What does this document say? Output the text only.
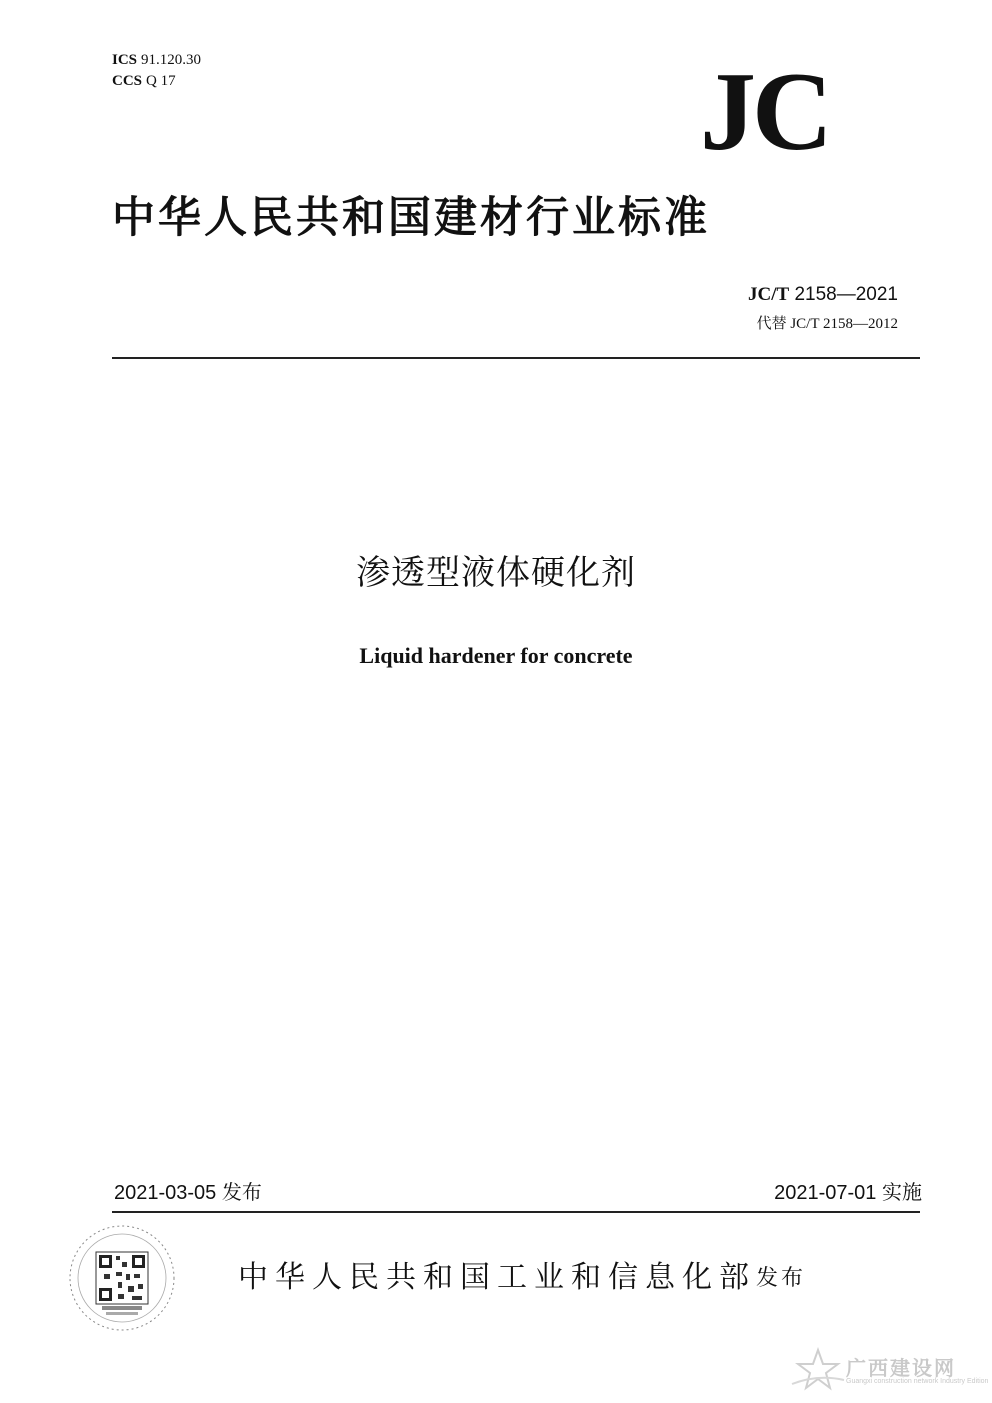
ICS 91.120.30
CCS Q 17	JC
中华人民共和国建材行业标准
JC/T 2158—2021
代替 JC/T 2158—2012
渗透型液体硬化剂
Liquid hardener for concrete
2021-03-05 发布	2021-07-01 实施
中华人民共和国工业和信息化部 发布
广西建设网
Guangxi construction network Industry Edition
